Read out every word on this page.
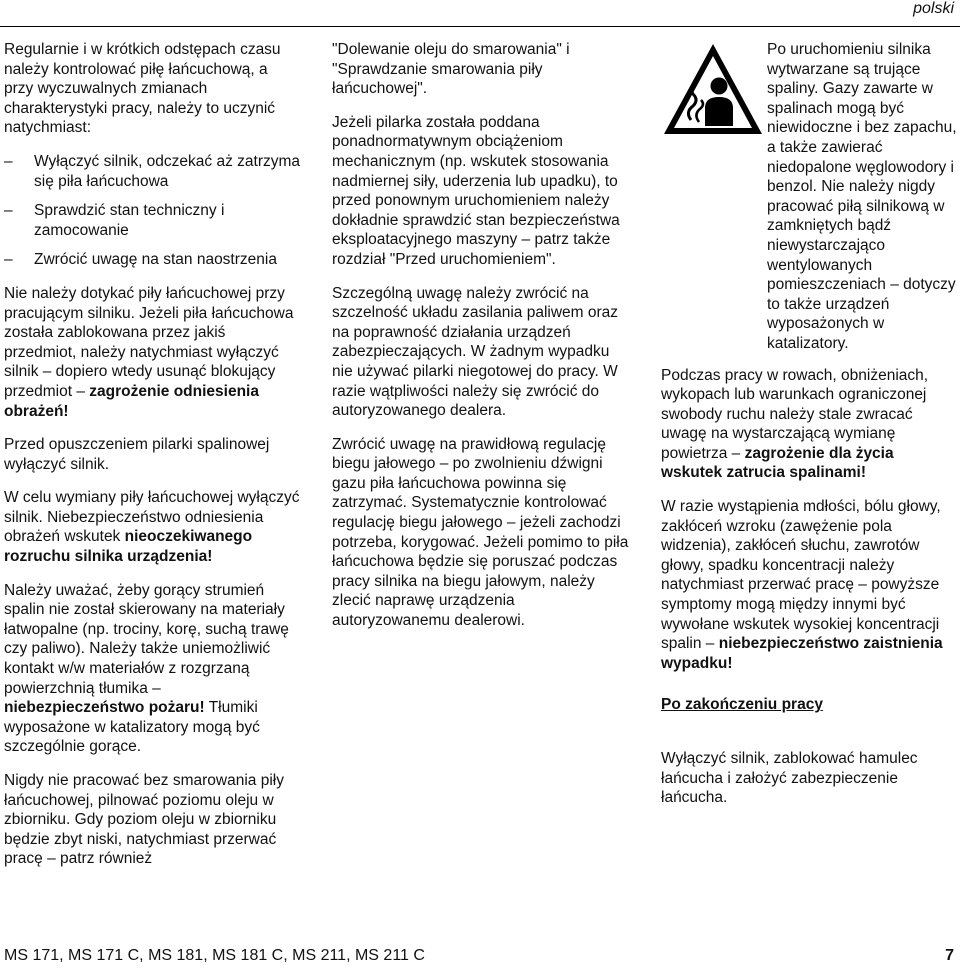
polski

Regularnie i w krótkich odstępach czasu należy kontrolować piłę łańcuchową, a przy wyczuwalnych zmianach charakterystyki pracy, należy to uczynić natychmiast:

–	Wyłączyć silnik, odczekać aż zatrzyma się piła łańcuchowa
–	Sprawdzić stan techniczny i zamocowanie
–	Zwrócić uwagę na stan naostrzenia

Nie należy dotykać piły łańcuchowej przy pracującym silniku. Jeżeli piła łańcuchowa została zablokowana przez jakiś przedmiot, należy natychmiast wyłączyć silnik – dopiero wtedy usunąć blokujący przedmiot – zagrożenie odniesienia obrażeń!

Przed opuszczeniem pilarki spalinowej wyłączyć silnik.

W celu wymiany piły łańcuchowej wyłączyć silnik. Niebezpieczeństwo odniesienia obrażeń wskutek nieoczekiwanego rozruchu silnika urządzenia!

Należy uważać, żeby gorący strumień spalin nie został skierowany na materiały łatwopalne (np. trociny, korę, suchą trawę czy paliwo). Należy także uniemożliwić kontakt w/w materiałów z rozgrzaną powierzchnią tłumika – niebezpieczeństwo pożaru! Tłumiki wyposażone w katalizatory mogą być szczególnie gorące.

Nigdy nie pracować bez smarowania piły łańcuchowej, pilnować poziomu oleju w zbiorniku. Gdy poziom oleju w zbiorniku będzie zbyt niski, natychmiast przerwać pracę – patrz również

"Dolewanie oleju do smarowania" i "Sprawdzanie smarowania piły łańcuchowej".

Jeżeli pilarka została poddana ponadnormatywnym obciążeniom mechanicznym (np. wskutek stosowania nadmiernej siły, uderzenia lub upadku), to przed ponownym uruchomieniem należy dokładnie sprawdzić stan bezpieczeństwa eksploatacyjnego maszyny – patrz także rozdział "Przed uruchomieniem".

Szczególną uwagę należy zwrócić na szczelność układu zasilania paliwem oraz na poprawność działania urządzeń zabezpieczających. W żadnym wypadku nie używać pilarki niegotowej do pracy. W razie wątpliwości należy się zwrócić do autoryzowanego dealera.

Zwrócić uwagę na prawidłową regulację biegu jałowego – po zwolnieniu dźwigni gazu piła łańcuchowa powinna się zatrzymać. Systematycznie kontrolować regulację biegu jałowego – jeżeli zachodzi potrzeba, korygować. Jeżeli pomimo to piła łańcuchowa będzie się poruszać podczas pracy silnika na biegu jałowym, należy zlecić naprawę urządzenia autoryzowanemu dealerowi.

Po uruchomieniu silnika wytwarzane są trujące spaliny. Gazy zawarte w spalinach mogą być niewidoczne i bez zapachu, a także zawierać niedopalone węglowodory i benzol. Nie należy nigdy pracować piłą silnikową w zamkniętych bądź niewystarczająco wentylowanych pomieszczeniach – dotyczy to także urządzeń wyposażonych w katalizatory.

Podczas pracy w rowach, obniżeniach, wykopach lub warunkach ograniczonej swobody ruchu należy stale zwracać uwagę na wystarczającą wymianę powietrza – zagrożenie dla życia wskutek zatrucia spalinami!

W razie wystąpienia mdłości, bólu głowy, zakłóceń wzroku (zawężenie pola widzenia), zakłóceń słuchu, zawrotów głowy, spadku koncentracji należy natychmiast przerwać pracę – powyższe symptomy mogą między innymi być wywołane wskutek wysokiej koncentracji spalin – niebezpieczeństwo zaistnienia wypadku!

Po zakończeniu pracy

Wyłączyć silnik, zablokować hamulec łańcucha i założyć zabezpieczenie łańcucha.

MS 171, MS 171 C, MS 181, MS 181 C, MS 211, MS 211 C	7
